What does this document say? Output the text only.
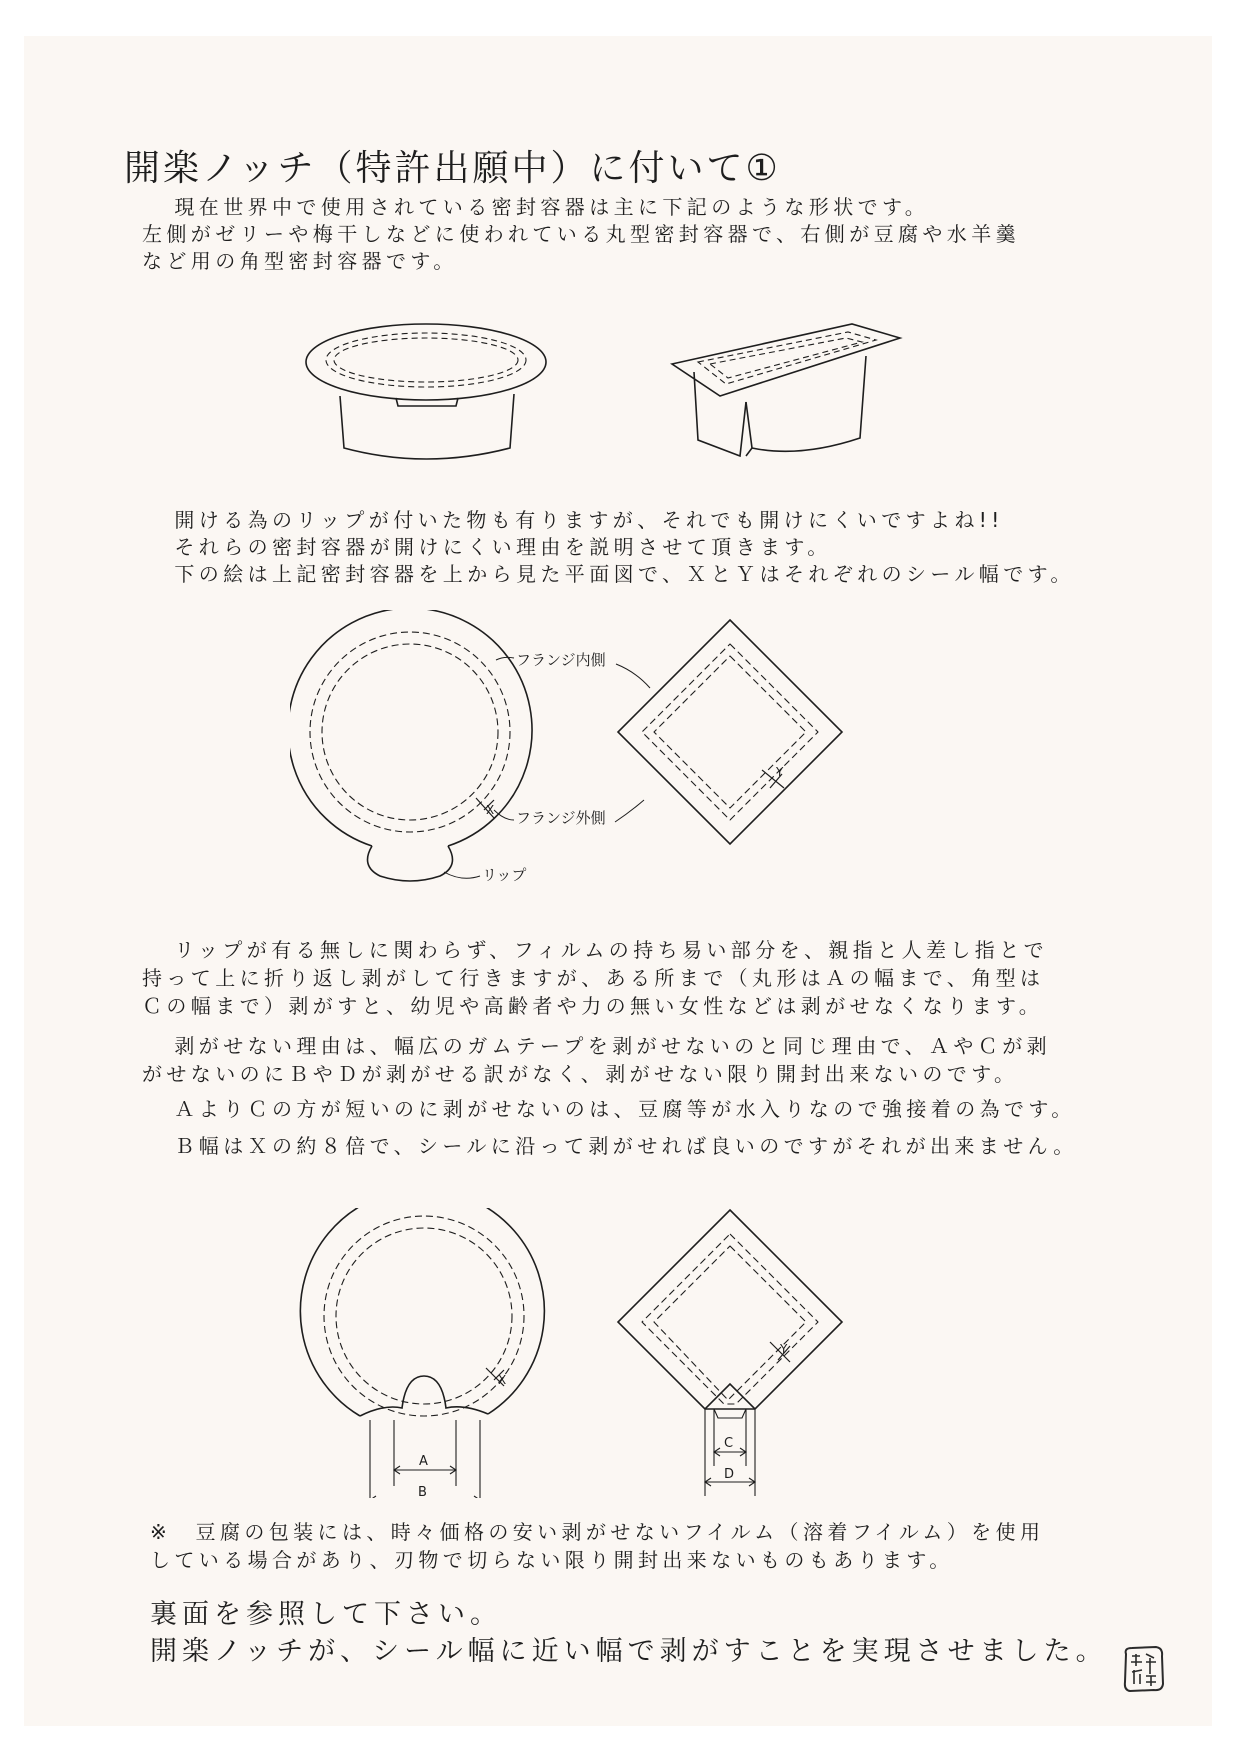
開楽ノッチ（特許出願中）に付いて①
　現在世界中で使用されている密封容器は主に下記のような形状です。
左側がゼリーや梅干しなどに使われている丸型密封容器で、右側が豆腐や水羊羹
など用の角型密封容器です。
　開ける為のリップが付いた物も有りますが、それでも開けにくいですよね!!
　それらの密封容器が開けにくい理由を説明させて頂きます。
　下の絵は上記密封容器を上から見た平面図で、ＸとＹはそれぞれのシール幅です。
X
Y
フランジ内側
フランジ外側
リップ
　リップが有る無しに関わらず、フィルムの持ち易い部分を、親指と人差し指とで
持って上に折り返し剥がして行きますが、ある所まで（丸形はＡの幅まで、角型は
Ｃの幅まで）剥がすと、幼児や高齢者や力の無い女性などは剥がせなくなります。
　剥がせない理由は、幅広のガムテープを剥がせないのと同じ理由で、ＡやＣが剥
がせないのにＢやＤが剥がせる訳がなく、剥がせない限り開封出来ないのです。
　ＡよりＣの方が短いのに剥がせないのは、豆腐等が水入りなので強接着の為です。
　Ｂ幅はＸの約８倍で、シールに沿って剥がせれば良いのですがそれが出来ません。
A
B
X
C
D
Y
※　豆腐の包装には、時々価格の安い剥がせないフイルム（溶着フイルム）を使用
している場合があり、刃物で切らない限り開封出来ないものもあります。
裏面を参照して下さい。
開楽ノッチが、シール幅に近い幅で剥がすことを実現させました。
